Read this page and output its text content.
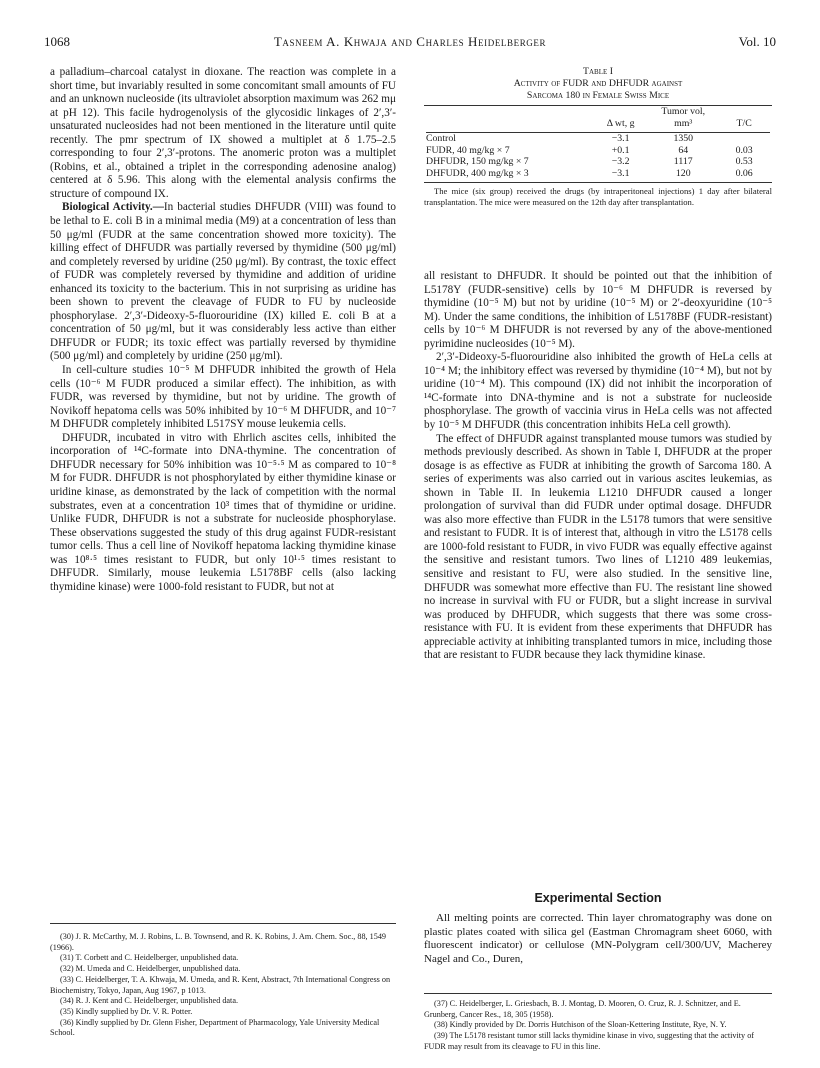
1068	Tasneem A. Khwaja and Charles Heidelberger	Vol. 10

a palladium–charcoal catalyst in dioxane. The reaction was complete in a short time, but invariably resulted in some concomitant small amounts of FU and an unknown nucleoside (its ultraviolet absorption maximum was 262 mμ at pH 12). This facile hydrogenolysis of the glycosidic linkages of 2′,3′-unsaturated nucleosides had not been mentioned in the literature until quite recently. The pmr spectrum of IX showed a multiplet at δ 1.75–2.5 corresponding to four 2′,3′-protons. The anomeric proton was a multiplet (Robins, et al., obtained a triplet in the corresponding adenosine analog) centered at δ 5.96. This along with the elemental analysis confirms the structure of compound IX.

Biological Activity.—In bacterial studies DHFUDR (VIII) was found to be lethal to E. coli B in a minimal media (M9) at a concentration of less than 50 μg/ml (FUDR at the same concentration showed more toxicity). The killing effect of DHFUDR was partially reversed by thymidine (500 μg/ml) and completely reversed by uridine (250 μg/ml). By contrast, the toxic effect of FUDR was completely reversed by thymidine and addition of uridine enhanced its toxicity to the bacterium. This in not surprising as uridine has been shown to prevent the cleavage of FUDR to FU by nucleoside phosphorylase. 2′,3′-Dideoxy-5-fluorouridine (IX) killed E. coli B at a concentration of 50 μg/ml, but it was considerably less active than either DHFUDR or FUDR; its toxic effect was partially reversed by thymidine (500 μg/ml) and completely by uridine (250 μg/ml).

In cell-culture studies 10⁻⁵ M DHFUDR inhibited the growth of Hela cells (10⁻⁶ M FUDR produced a similar effect). The inhibition, as with FUDR, was reversed by thymidine, but not by uridine. The growth of Novikoff hepatoma cells was 50% inhibited by 10⁻⁶ M DHFUDR, and 10⁻⁷ M DHFUDR completely inhibited L517SY mouse leukemia cells.

DHFUDR, incubated in vitro with Ehrlich ascites cells, inhibited the incorporation of ¹⁴C-formate into DNA-thymine. The concentration of DHFUDR necessary for 50% inhibition was 10⁻⁵·⁵ M as compared to 10⁻⁸ M for FUDR. DHFUDR is not phosphorylated by either thymidine kinase or uridine kinase, as demonstrated by the lack of competition with the normal substrates, even at a concentration 10³ times that of thymidine or uridine. Unlike FUDR, DHFUDR is not a substrate for nucleoside phosphorylase. These observations suggested the study of this drug against FUDR-resistant tumor cells. Thus a cell line of Novikoff hepatoma lacking thymidine kinase was 10⁸·⁵ times resistant to FUDR, but only 10¹·⁵ times resistant to DHFUDR. Similarly, mouse leukemia L5178BF cells (also lacking thymidine kinase) were 1000-fold resistant to FUDR, but not at

(30) J. R. McCarthy, M. J. Robins, L. B. Townsend, and R. K. Robins, J. Am. Chem. Soc., 88, 1549 (1966).
(31) T. Corbett and C. Heidelberger, unpublished data.
(32) M. Umeda and C. Heidelberger, unpublished data.
(33) C. Heidelberger, T. A. Khwaja, M. Umeda, and R. Kent, Abstract, 7th International Congress on Biochemistry, Tokyo, Japan, Aug 1967, p 1013.
(34) R. J. Kent and C. Heidelberger, unpublished data.
(35) Kindly supplied by Dr. V. R. Potter.
(36) Kindly supplied by Dr. Glenn Fisher, Department of Pharmacology, Yale University Medical School.
Table I
Activity of FUDR and DHFUDR against
Sarcoma 180 in Female Swiss Mice
	Δ wt, g	Tumor vol, mm³	T/C

Control	−3.1	1350	
FUDR, 40 mg/kg × 7	+0.1	64	0.03
DHFUDR, 150 mg/kg × 7	−3.2	1117	0.53
DHFUDR, 400 mg/kg × 3	−3.1	120	0.06
The mice (six group) received the drugs (by intraperitoneal injections) 1 day after bilateral transplantation. The mice were measured on the 12th day after transplantation.

all resistant to DHFUDR. It should be pointed out that the inhibition of L5178Y (FUDR-sensitive) cells by 10⁻⁶ M DHFUDR is reversed by thymidine (10⁻⁵ M) but not by uridine (10⁻⁵ M) or 2′-deoxyuridine (10⁻⁵ M). Under the same conditions, the inhibition of L5178BF (FUDR-resistant) cells by 10⁻⁶ M DHFUDR is not reversed by any of the above-mentioned pyrimidine nucleosides (10⁻⁵ M).

2′,3′-Dideoxy-5-fluorouridine also inhibited the growth of HeLa cells at 10⁻⁴ M; the inhibitory effect was reversed by thymidine (10⁻⁴ M), but not by uridine (10⁻⁴ M). This compound (IX) did not inhibit the incorporation of ¹⁴C-formate into DNA-thymine and is not a substrate for nucleoside phosphorylase. The growth of vaccinia virus in HeLa cells was not affected by 10⁻⁵ M DHFUDR (this concentration inhibits HeLa cell growth).

The effect of DHFUDR against transplanted mouse tumors was studied by methods previously described. As shown in Table I, DHFUDR at the proper dosage is as effective as FUDR at inhibiting the growth of Sarcoma 180. A series of experiments was also carried out in various ascites leukemias, as shown in Table II. In leukemia L1210 DHFUDR caused a longer prolongation of survival than did FUDR under optimal dosage. DHFUDR was also more effective than FUDR in the L5178 tumors that were sensitive and resistant to FUDR. It is of interest that, although in vitro the L5178 cells are 1000-fold resistant to FUDR, in vivo FUDR was equally effective against the sensitive and resistant tumors. Two lines of L1210 489 leukemias, sensitive and resistant to FU, were also studied. In the sensitive line, DHFUDR was somewhat more effective than FU. The resistant line showed no increase in survival with FU or FUDR, but a slight increase in survival was produced by DHFUDR, which suggests that there was some cross-resistance with FU. It is evident from these experiments that DHFUDR has appreciable activity at inhibiting transplanted tumors in mice, including those that are resistant to FUDR because they lack thymidine kinase.

Experimental Section
All melting points are corrected. Thin layer chromatography was done on plastic plates coated with silica gel (Eastman Chromagram sheet 6060, with fluorescent indicator) or cellulose (MN-Polygram cell/300/UV, Macherey Nagel and Co., Duren,
(37) C. Heidelberger, L. Griesbach, B. J. Montag, D. Mooren, O. Cruz, R. J. Schnitzer, and E. Grunberg, Cancer Res., 18, 305 (1958).
(38) Kindly provided by Dr. Dorris Hutchison of the Sloan-Kettering Institute, Rye, N. Y.
(39) The L5178 resistant tumor still lacks thymidine kinase in vivo, suggesting that the activity of FUDR may result from its cleavage to FU in this line.
